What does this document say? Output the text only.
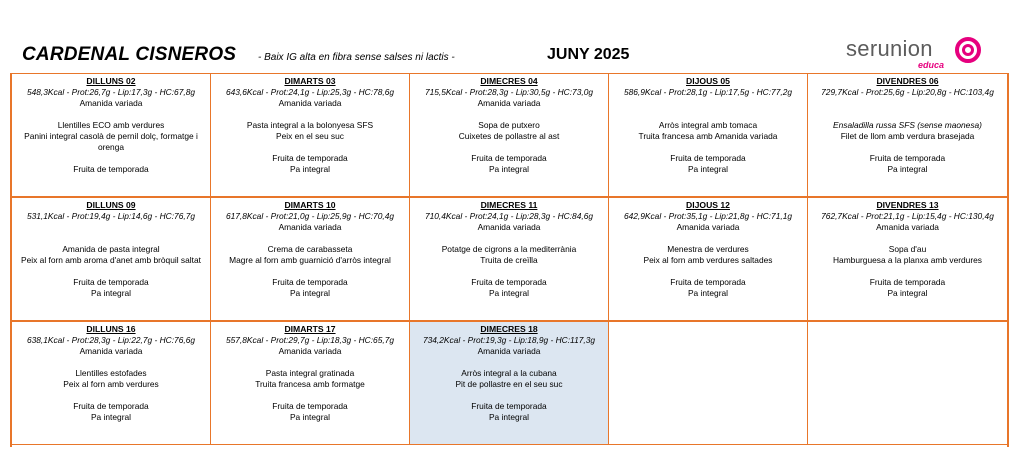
CARDENAL CISNEROS - Baix IG alta en fibra sense salses ni lactis -	JUNY 2025	serunion
educa
DILLUNS 02
548,3Kcal - Prot:26,7g - Lip:17,3g - HC:67,8g
Amanida variada
Llentilles ECO amb verdures
Panini integral casolà de pernil dolç, formatge i orenga
Fruita de temporada
DIMARTS 03
643,6Kcal - Prot:24,1g - Lip:25,3g - HC:78,6g
Amanida variada
Pasta integral a la bolonyesa SFS
Peix en el seu suc
Fruita de temporada
Pa integral
DIMECRES 04
715,5Kcal - Prot:28,3g - Lip:30,5g - HC:73,0g
Amanida variada
Sopa de putxero
Cuixetes de pollastre al ast
Fruita de temporada
Pa integral
DIJOUS 05
586,9Kcal - Prot:28,1g - Lip:17,5g - HC:77,2g
Arròs integral amb tomaca
Truita francesa amb Amanida variada
Fruita de temporada
Pa integral
DIVENDRES 06
729,7Kcal - Prot:25,6g - Lip:20,8g - HC:103,4g
Ensaladilla russa SFS (sense maonesa)
Filet de llom amb verdura brasejada
Fruita de temporada
Pa integral
DILLUNS 09
531,1Kcal - Prot:19,4g - Lip:14,6g - HC:76,7g
Amanida de pasta integral
Peix al forn amb aroma d'anet amb bròquil saltat
Fruita de temporada
Pa integral
DIMARTS 10
617,8Kcal - Prot:21,0g - Lip:25,9g - HC:70,4g
Amanida variada
Crema de carabasseta
Magre al forn amb guarnició d'arròs integral
Fruita de temporada
Pa integral
DIMECRES 11
710,4Kcal - Prot:24,1g - Lip:28,3g - HC:84,6g
Amanida variada
Potatge de cigrons a la mediterrània
Truita de creïlla
Fruita de temporada
Pa integral
DIJOUS 12
642,9Kcal - Prot:35,1g - Lip:21,8g - HC:71,1g
Amanida variada
Menestra de verdures
Peix al forn amb verdures saltades
Fruita de temporada
Pa integral
DIVENDRES 13
762,7Kcal - Prot:21,1g - Lip:15,4g - HC:130,4g
Amanida variada
Sopa d'au
Hamburguesa a la planxa amb verdures
Fruita de temporada
Pa integral
DILLUNS 16
638,1Kcal - Prot:28,3g - Lip:22,7g - HC:76,6g
Amanida variada
Llentilles estofades
Peix al forn amb verdures
Fruita de temporada
Pa integral
DIMARTS 17
557,8Kcal - Prot:29,7g - Lip:18,3g - HC:65,7g
Amanida variada
Pasta integral gratinada
Truita francesa amb formatge
Fruita de temporada
Pa integral
DIMECRES 18
734,2Kcal - Prot:19,3g - Lip:18,9g - HC:117,3g
Amanida variada
Arròs integral a la cubana
Pit de pollastre en el seu suc
Fruita de temporada
Pa integral
